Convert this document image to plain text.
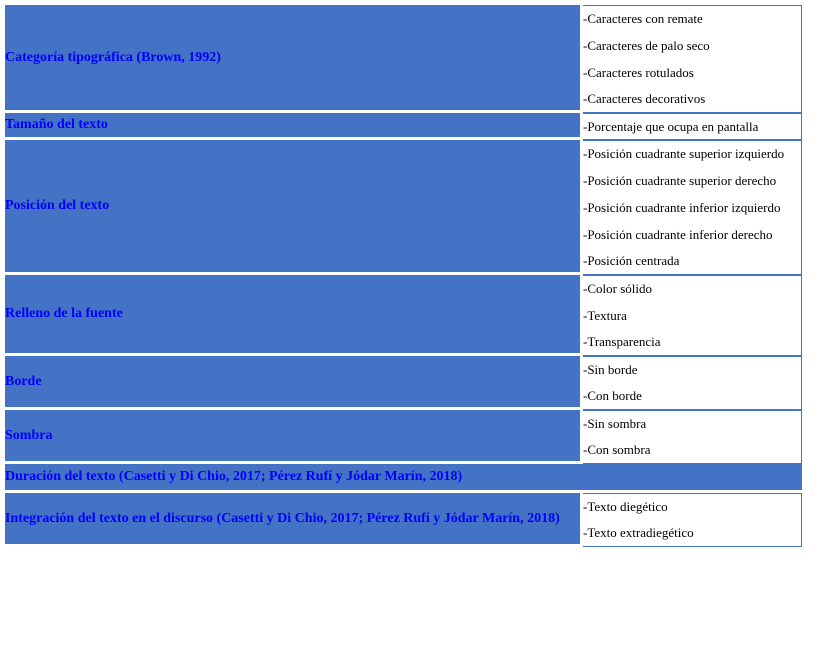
Categoría tipográfica (Brown, 1992)	-Caracteres con remate
	-Caracteres de palo seco
	-Caracteres rotulados
	-Caracteres decorativos
Tamaño del texto	-Porcentaje que ocupa en pantalla
Posición del texto	-Posición cuadrante superior izquierdo
	-Posición cuadrante superior derecho
	-Posición cuadrante inferior izquierdo
	-Posición cuadrante inferior derecho
	-Posición centrada
Relleno de la fuente	-Color sólido
	-Textura
	-Transparencia
Borde	-Sin borde
	-Con borde
Sombra	-Sin sombra
	-Con sombra
Duración del texto (Casetti y Di Chio, 2017; Pérez Rufí y Jódar Marín, 2018)	
Integración del texto en el discurso (Casetti y Di Chio, 2017; Pérez Rufí y Jódar Marín, 2018)	-Texto diegético
	-Texto extradiegético
